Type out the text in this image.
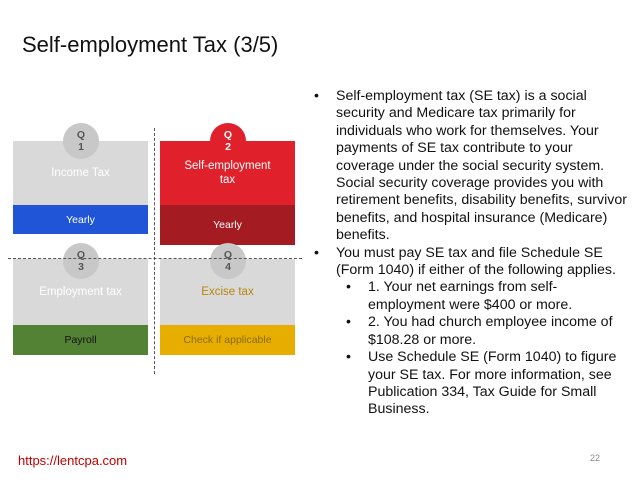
Self-employment Tax (3/5)
Income Tax
Yearly
Q
1
Self-employment tax
Yearly
Q
2
Employment tax
Payroll
Q
3
Excise tax
Check if applicable
Q
4
•	Self-employment tax (SE tax) is a social security and Medicare tax primarily for individuals who work for themselves. Your payments of SE tax contribute to your coverage under the social security system. Social security coverage provides you with retirement benefits, disability benefits, survivor benefits, and hospital insurance (Medicare) benefits.
•	You must pay SE tax and file Schedule SE (Form 1040) if either of the following applies.
•	1. Your net earnings from self-employment were $400 or more.
•	2. You had church employee income of $108.28 or more.
•	Use Schedule SE (Form 1040) to figure your SE tax. For more information, see Publication 334, Tax Guide for Small Business.
https://lentcpa.com	22
